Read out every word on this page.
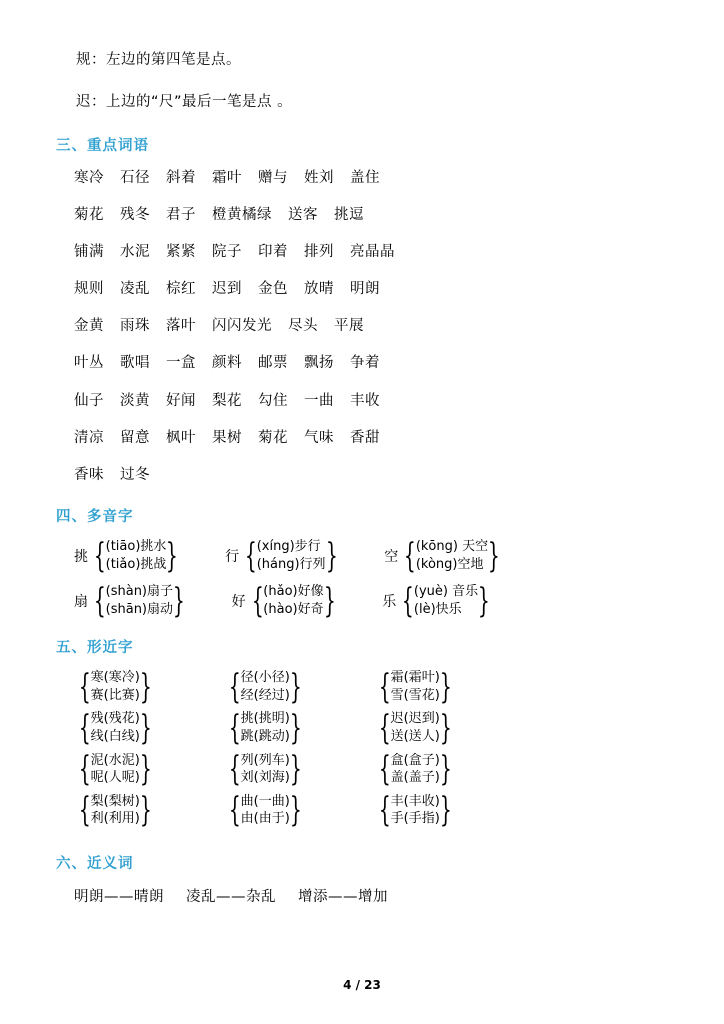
规：左边的第四笔是点。

迟：上边的“尺”最后一笔是点 。

三、重点词语
寒冷 石径 斜着 霜叶 赠与 姓刘 盖住
菊花 残冬 君子 橙黄橘绿 送客 挑逗
铺满 水泥 紧紧 院子 印着 排列 亮晶晶
规则 凌乱 棕红 迟到 金色 放晴 明朗
金黄 雨珠 落叶 闪闪发光 尽头 平展
叶丛 歌唱 一盒 颜料 邮票 飘扬 争着
仙子 淡黄 好闻 梨花 勾住 一曲 丰收
清凉 留意 枫叶 果树 菊花 气味 香甜
香味 过冬
四、多音字
挑 { (tiāo)挑水
(tiǎo)挑战 }	行 { (xíng)步行
(háng)行列 }	空 { (kōng) 天空
(kòng)空地 }
扇 { (shàn)扇子
(shān)扇动 }	好 { (hǎo)好像
(hào)好奇 }	乐 { (yuè) 音乐
(lè)快乐 }
五、形近字
{ 寒(寒冷)
赛(比赛) } { 径(小径)
经(经过) } { 霜(霜叶)
雪(雪花) }
{ 残(残花)
线(白线) } { 挑(挑明)
跳(跳动) } { 迟(迟到)
送(送人) }
{ 泥(水泥)
呢(人呢) } { 列(列车)
刘(刘海) } { 盒(盒子)
盖(盖子) }
{ 梨(梨树)
利(利用) } { 曲(一曲)
由(由于) } { 丰(丰收)
手(手指) }
六、近义词
明朗——晴朗 凌乱——杂乱 增添——增加
4 / 23
